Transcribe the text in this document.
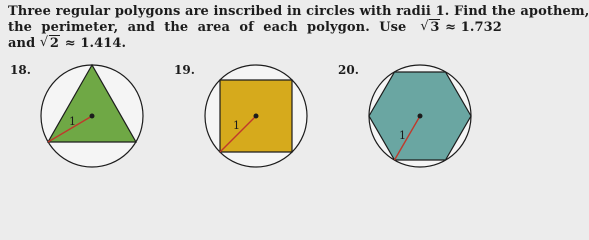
Three regular polygons are inscribed in circles with radii 1. Find the apothem,
the perimeter, and the area of each polygon. Use √ 3 ≈ 1.732
and √ 2 ≈ 1.414.
18.
1
19.
1
20.
1
